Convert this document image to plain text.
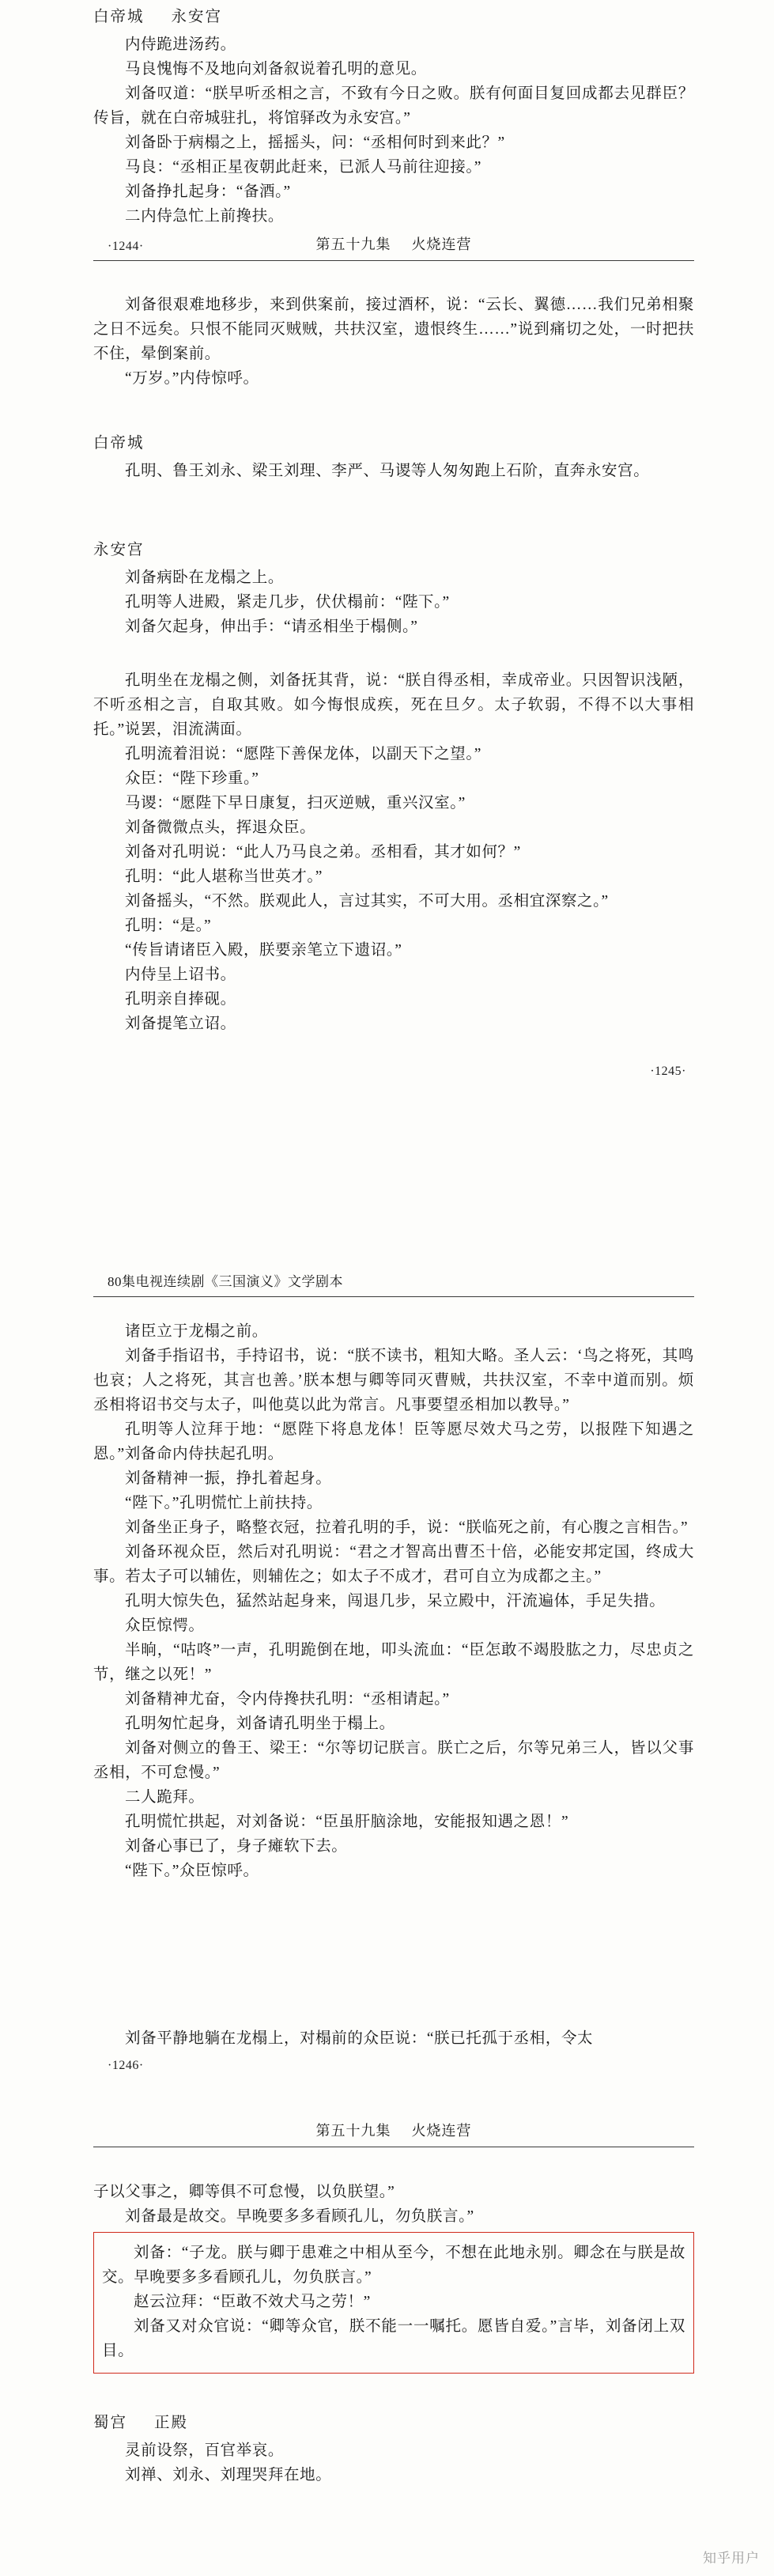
白帝城 永安宫

内侍跪进汤药。

马良愧悔不及地向刘备叙说着孔明的意见。

刘备叹道：“朕早听丞相之言，不致有今日之败。朕有何面目复回成都去见群臣？传旨，就在白帝城驻扎，将馆驿改为永安宫。”

刘备卧于病榻之上，摇摇头，问：“丞相何时到来此？”

马良：“丞相正星夜朝此赶来，已派人马前往迎接。”

刘备挣扎起身：“备酒。”

二内侍急忙上前搀扶。

·1244·	第五十九集 火烧连营

刘备很艰难地移步，来到供案前，接过酒杯，说：“云长、翼德……我们兄弟相聚之日不远矣。只恨不能同灭贼贼，共扶汉室，遗恨终生……”说到痛切之处，一时把扶不住，晕倒案前。

“万岁。”内侍惊呼。

白帝城

孔明、鲁王刘永、梁王刘理、李严、马谡等人匆匆跑上石阶，直奔永安宫。

永安宫

刘备病卧在龙榻之上。

孔明等人进殿，紧走几步，伏伏榻前：“陛下。”

刘备欠起身，伸出手：“请丞相坐于榻侧。”

孔明坐在龙榻之侧，刘备抚其背，说：“朕自得丞相，幸成帝业。只因智识浅陋，不听丞相之言，自取其败。如今悔恨成疾，死在旦夕。太子软弱，不得不以大事相托。”说罢，泪流满面。

孔明流着泪说：“愿陛下善保龙体，以副天下之望。”

众臣：“陛下珍重。”

马谡：“愿陛下早日康复，扫灭逆贼，重兴汉室。”

刘备微微点头，挥退众臣。

刘备对孔明说：“此人乃马良之弟。丞相看，其才如何？”

孔明：“此人堪称当世英才。”

刘备摇头，“不然。朕观此人，言过其实，不可大用。丞相宜深察之。”

孔明：“是。”

“传旨请诸臣入殿，朕要亲笔立下遗诏。”

内侍呈上诏书。

孔明亲自捧砚。

刘备提笔立诏。

·1245·
80集电视连续剧《三国演义》文学剧本

诸臣立于龙榻之前。

刘备手指诏书，手持诏书，说：“朕不读书，粗知大略。圣人云：‘鸟之将死，其鸣也哀；人之将死，其言也善。’朕本想与卿等同灭曹贼，共扶汉室，不幸中道而别。烦丞相将诏书交与太子，叫他莫以此为常言。凡事要望丞相加以教导。”

孔明等人泣拜于地：“愿陛下将息龙体！臣等愿尽效犬马之劳，以报陛下知遇之恩。”刘备命内侍扶起孔明。

刘备精神一振，挣扎着起身。

“陛下。”孔明慌忙上前扶持。

刘备坐正身子，略整衣冠，拉着孔明的手，说：“朕临死之前，有心腹之言相告。”

刘备环视众臣，然后对孔明说：“君之才智高出曹丕十倍，必能安邦定国，终成大事。若太子可以辅佐，则辅佐之；如太子不成才，君可自立为成都之主。”

孔明大惊失色，猛然站起身来，闯退几步，呆立殿中，汗流遍体，手足失措。

众臣惊愕。

半晌，“咕咚”一声，孔明跪倒在地，叩头流血：“臣怎敢不竭股肱之力，尽忠贞之节，继之以死！”

刘备精神尤奋，令内侍搀扶孔明：“丞相请起。”

孔明匆忙起身，刘备请孔明坐于榻上。

刘备对侧立的鲁王、梁王：“尔等切记朕言。朕亡之后，尔等兄弟三人，皆以父事丞相，不可怠慢。”

二人跪拜。

孔明慌忙拱起，对刘备说：“臣虽肝脑涂地，安能报知遇之恩！”

刘备心事已了，身子瘫软下去。

“陛下。”众臣惊呼。

刘备平静地躺在龙榻上，对榻前的众臣说：“朕已托孤于丞相，令太

·1246·
第五十九集 火烧连营

子以父事之，卿等俱不可怠慢，以负朕望。”

刘备最是故交。早晚要多多看顾孔儿，勿负朕言。”

刘备：“子龙。朕与卿于患难之中相从至今，不想在此地永别。卿念在与朕是故交。早晚要多多看顾孔儿，勿负朕言。”

赵云泣拜：“臣敢不效犬马之劳！”

刘备又对众官说：“卿等众官，朕不能一一嘱托。愿皆自爱。”言毕，刘备闭上双目。

蜀宫 正殿

灵前设祭，百官举哀。

刘禅、刘永、刘理哭拜在地。

知乎用户
